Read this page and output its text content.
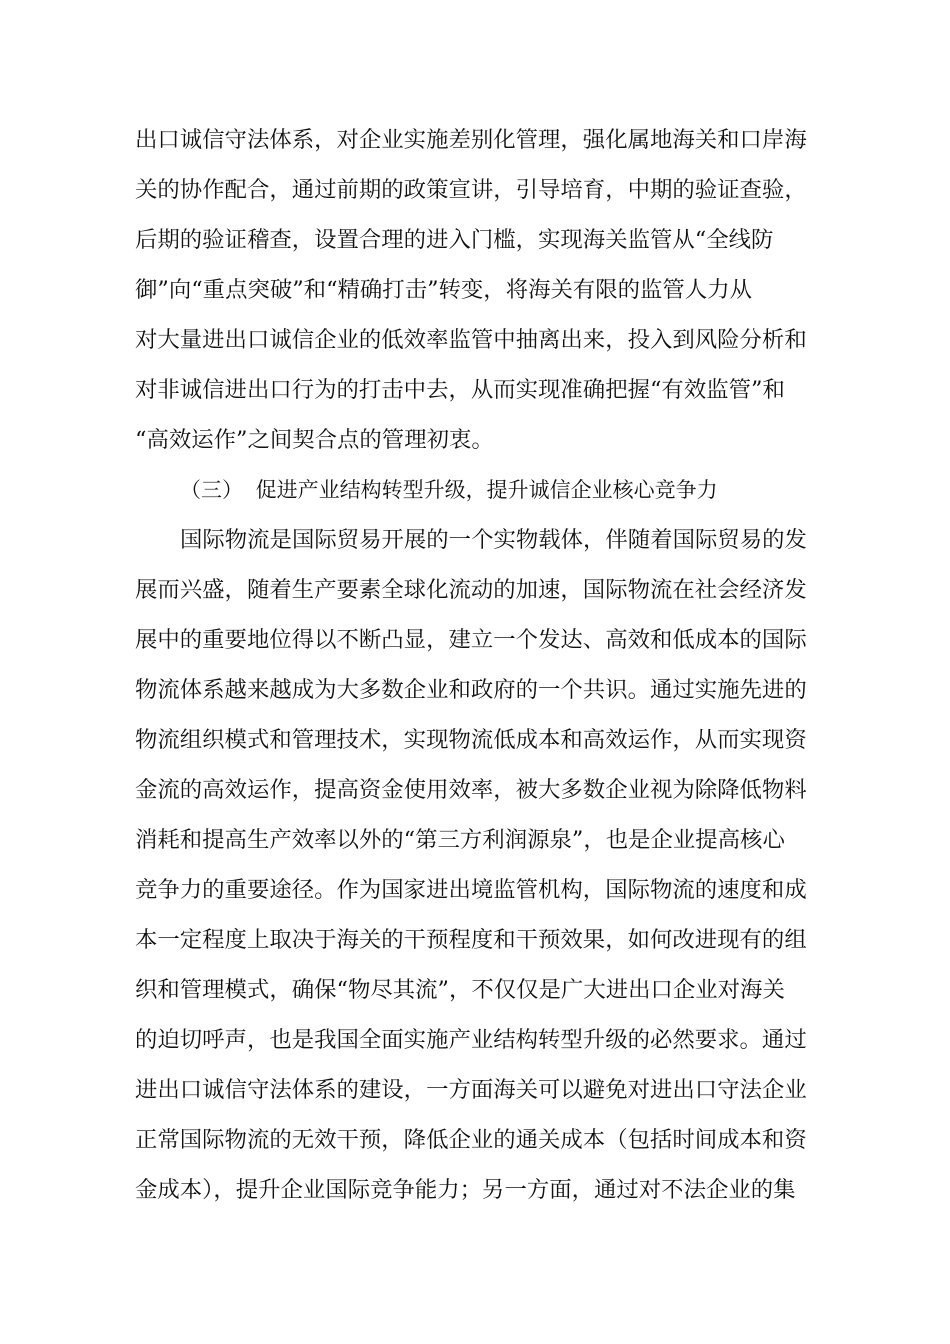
出口诚信守法体系，对企业实施差别化管理，强化属地海关和口岸海
关的协作配合，通过前期的政策宣讲，引导培育，中期的验证查验，
后期的验证稽查，设置合理的进入门槛，实现海关监管从“全线防
御”向“重点突破”和“精确打击”转变，将海关有限的监管人力从
对大量进出口诚信企业的低效率监管中抽离出来，投入到风险分析和
对非诚信进出口行为的打击中去，从而实现准确把握“有效监管”和
“高效运作”之间契合点的管理初衷。
（三） 促进产业结构转型升级，提升诚信企业核心竞争力
国际物流是国际贸易开展的一个实物载体，伴随着国际贸易的发
展而兴盛，随着生产要素全球化流动的加速，国际物流在社会经济发
展中的重要地位得以不断凸显，建立一个发达、高效和低成本的国际
物流体系越来越成为大多数企业和政府的一个共识。通过实施先进的
物流组织模式和管理技术，实现物流低成本和高效运作，从而实现资
金流的高效运作，提高资金使用效率，被大多数企业视为除降低物料
消耗和提高生产效率以外的“第三方利润源泉”，也是企业提高核心
竞争力的重要途径。作为国家进出境监管机构，国际物流的速度和成
本一定程度上取决于海关的干预程度和干预效果，如何改进现有的组
织和管理模式，确保“物尽其流”，不仅仅是广大进出口企业对海关
的迫切呼声，也是我国全面实施产业结构转型升级的必然要求。通过
进出口诚信守法体系的建设，一方面海关可以避免对进出口守法企业
正常国际物流的无效干预，降低企业的通关成本（包括时间成本和资
金成本），提升企业国际竞争能力；另一方面，通过对不法企业的集
